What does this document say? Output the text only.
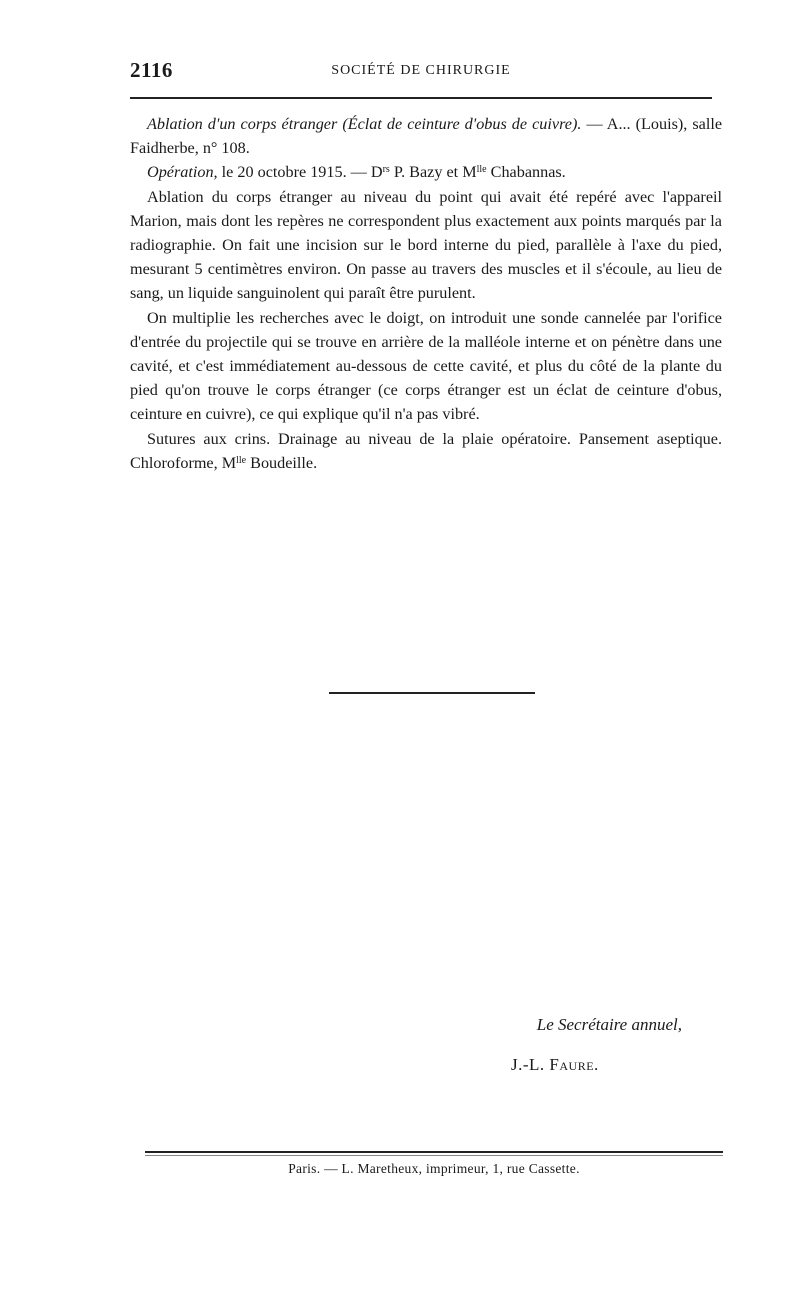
2116	SOCIÉTÉ DE CHIRURGIE

Ablation d'un corps étranger (Éclat de ceinture d'obus de cuivre). — A... (Louis), salle Faidherbe, n° 108.

Opération, le 20 octobre 1915. — $D^{rs}$ P. Bazy et $M^{lle}$ Chabannas.

Ablation du corps étranger au niveau du point qui avait été repéré avec l'appareil Marion, mais dont les repères ne correspondent plus exactement aux points marqués par la radiographie. On fait une incision sur le bord interne du pied, parallèle à l'axe du pied, mesurant 5 centimètres environ. On passe au travers des muscles et il s'écoule, au lieu de sang, un liquide sanguinolent qui paraît être purulent.

On multiplie les recherches avec le doigt, on introduit une sonde cannelée par l'orifice d'entrée du projectile qui se trouve en arrière de la malléole interne et on pénètre dans une cavité, et c'est immédiatement au-dessous de cette cavité, et plus du côté de la plante du pied qu'on trouve le corps étranger (ce corps étranger est un éclat de ceinture d'obus, ceinture en cuivre), ce qui explique qu'il n'a pas vibré.

Sutures aux crins. Drainage au niveau de la plaie opératoire. Pansement aseptique. Chloroforme, $M^{lle}$ Boudeille.

Le Secrétaire annuel,
J.-L. Faure.
Paris. — L. Maretheux, imprimeur, 1, rue Cassette.
